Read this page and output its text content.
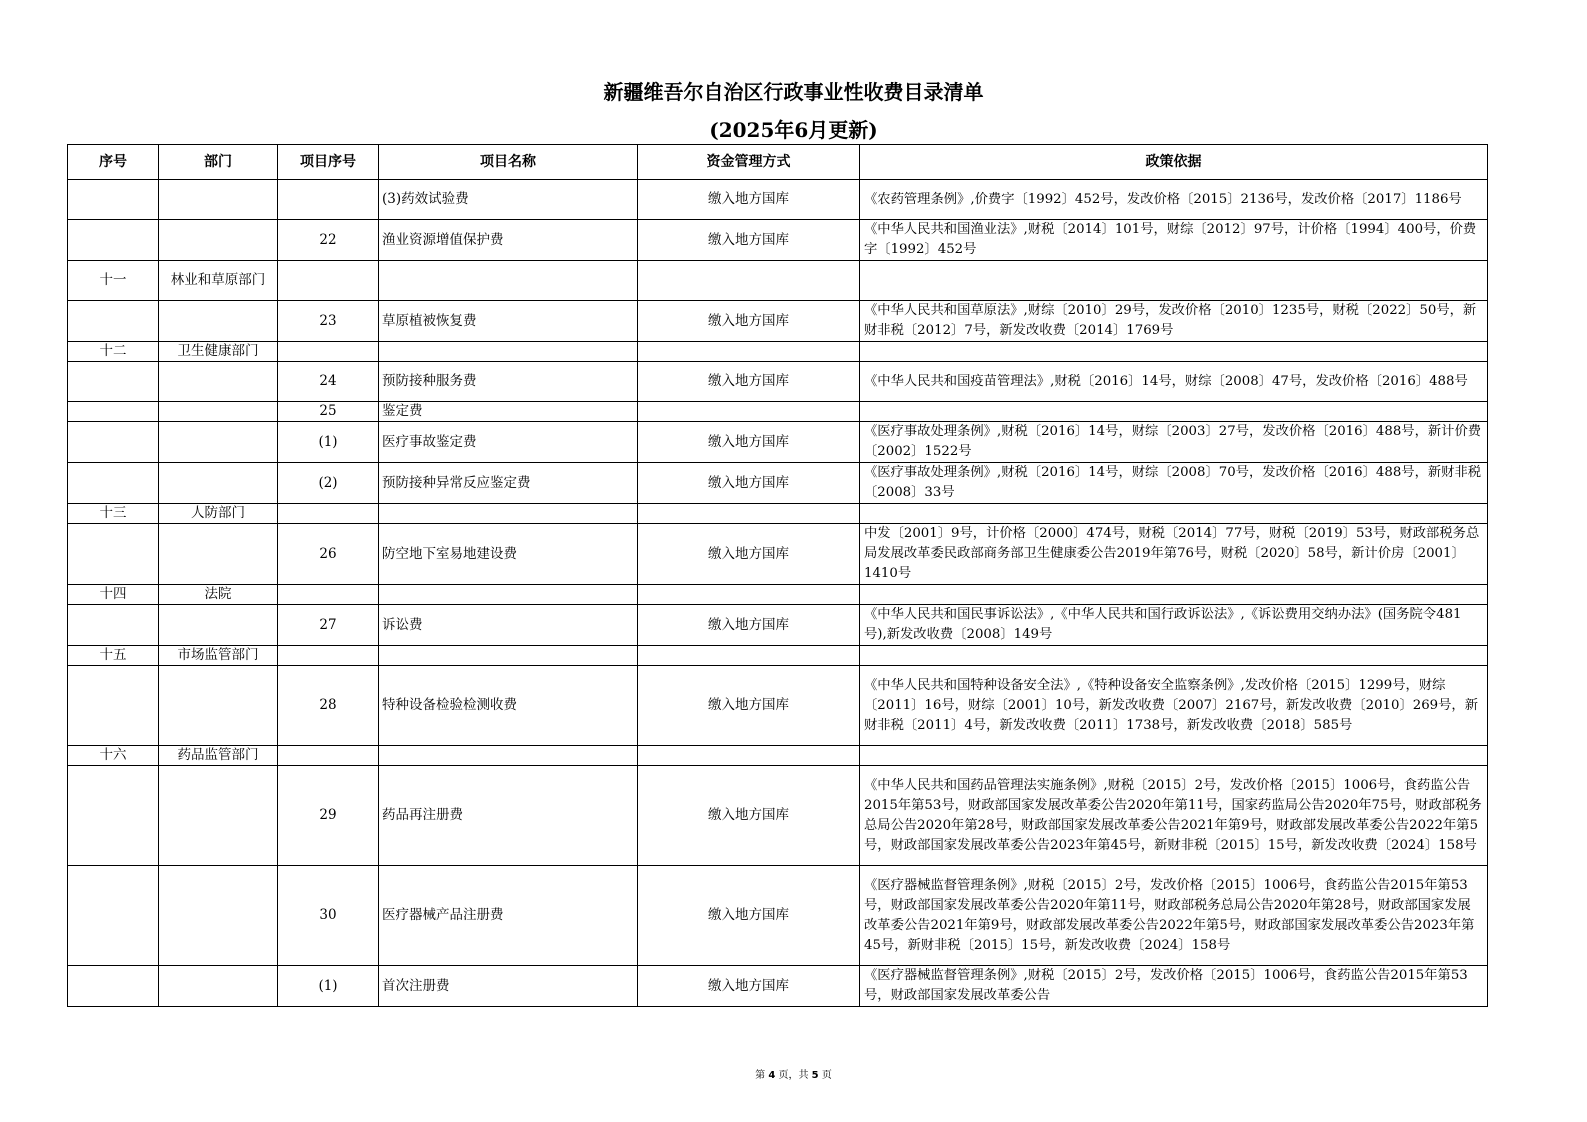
新疆维吾尔自治区行政事业性收费目录清单
(2025年6月更新)
序号	部门	项目序号	项目名称	资金管理方式	政策依据
			(3)药效试验费	缴入地方国库	《农药管理条例》,价费字〔1992〕452号，发改价格〔2015〕2136号，发改价格〔2017〕1186号
		22	渔业资源增值保护费	缴入地方国库	《中华人民共和国渔业法》,财税〔2014〕101号，财综〔2012〕97号，计价格〔1994〕400号，价费字〔1992〕452号
十一	林业和草原部门				
		23	草原植被恢复费	缴入地方国库	《中华人民共和国草原法》,财综〔2010〕29号，发改价格〔2010〕1235号，财税〔2022〕50号，新财非税〔2012〕7号，新发改收费〔2014〕1769号
十二	卫生健康部门				
		24	预防接种服务费	缴入地方国库	《中华人民共和国疫苗管理法》,财税〔2016〕14号，财综〔2008〕47号，发改价格〔2016〕488号
		25	鉴定费		
		(1)	医疗事故鉴定费	缴入地方国库	《医疗事故处理条例》,财税〔2016〕14号，财综〔2003〕27号，发改价格〔2016〕488号，新计价费〔2002〕1522号
		(2)	预防接种异常反应鉴定费	缴入地方国库	《医疗事故处理条例》,财税〔2016〕14号，财综〔2008〕70号，发改价格〔2016〕488号，新财非税〔2008〕33号
十三	人防部门				
		26	防空地下室易地建设费	缴入地方国库	中发〔2001〕9号，计价格〔2000〕474号，财税〔2014〕77号，财税〔2019〕53号，财政部税务总局发展改革委民政部商务部卫生健康委公告2019年第76号，财税〔2020〕58号，新计价房〔2001〕1410号
十四	法院				
		27	诉讼费	缴入地方国库	《中华人民共和国民事诉讼法》,《中华人民共和国行政诉讼法》,《诉讼费用交纳办法》(国务院令481号),新发改收费〔2008〕149号
十五	市场监管部门				
		28	特种设备检验检测收费	缴入地方国库	《中华人民共和国特种设备安全法》,《特种设备安全监察条例》,发改价格〔2015〕1299号，财综〔2011〕16号，财综〔2001〕10号，新发改收费〔2007〕2167号，新发改收费〔2010〕269号，新财非税〔2011〕4号，新发改收费〔2011〕1738号，新发改收费〔2018〕585号
十六	药品监管部门				
		29	药品再注册费	缴入地方国库	《中华人民共和国药品管理法实施条例》,财税〔2015〕2号，发改价格〔2015〕1006号，食药监公告2015年第53号，财政部国家发展改革委公告2020年第11号，国家药监局公告2020年75号，财政部税务总局公告2020年第28号，财政部国家发展改革委公告2021年第9号，财政部发展改革委公告2022年第5号，财政部国家发展改革委公告2023年第45号，新财非税〔2015〕15号，新发改收费〔2024〕158号
		30	医疗器械产品注册费	缴入地方国库	《医疗器械监督管理条例》,财税〔2015〕2号，发改价格〔2015〕1006号，食药监公告2015年第53号，财政部国家发展改革委公告2020年第11号，财政部税务总局公告2020年第28号，财政部国家发展改革委公告2021年第9号，财政部发展改革委公告2022年第5号，财政部国家发展改革委公告2023年第45号，新财非税〔2015〕15号，新发改收费〔2024〕158号
		(1)	首次注册费	缴入地方国库	《医疗器械监督管理条例》,财税〔2015〕2号，发改价格〔2015〕1006号，食药监公告2015年第53号，财政部国家发展改革委公告
第 4 页，共 5 页
